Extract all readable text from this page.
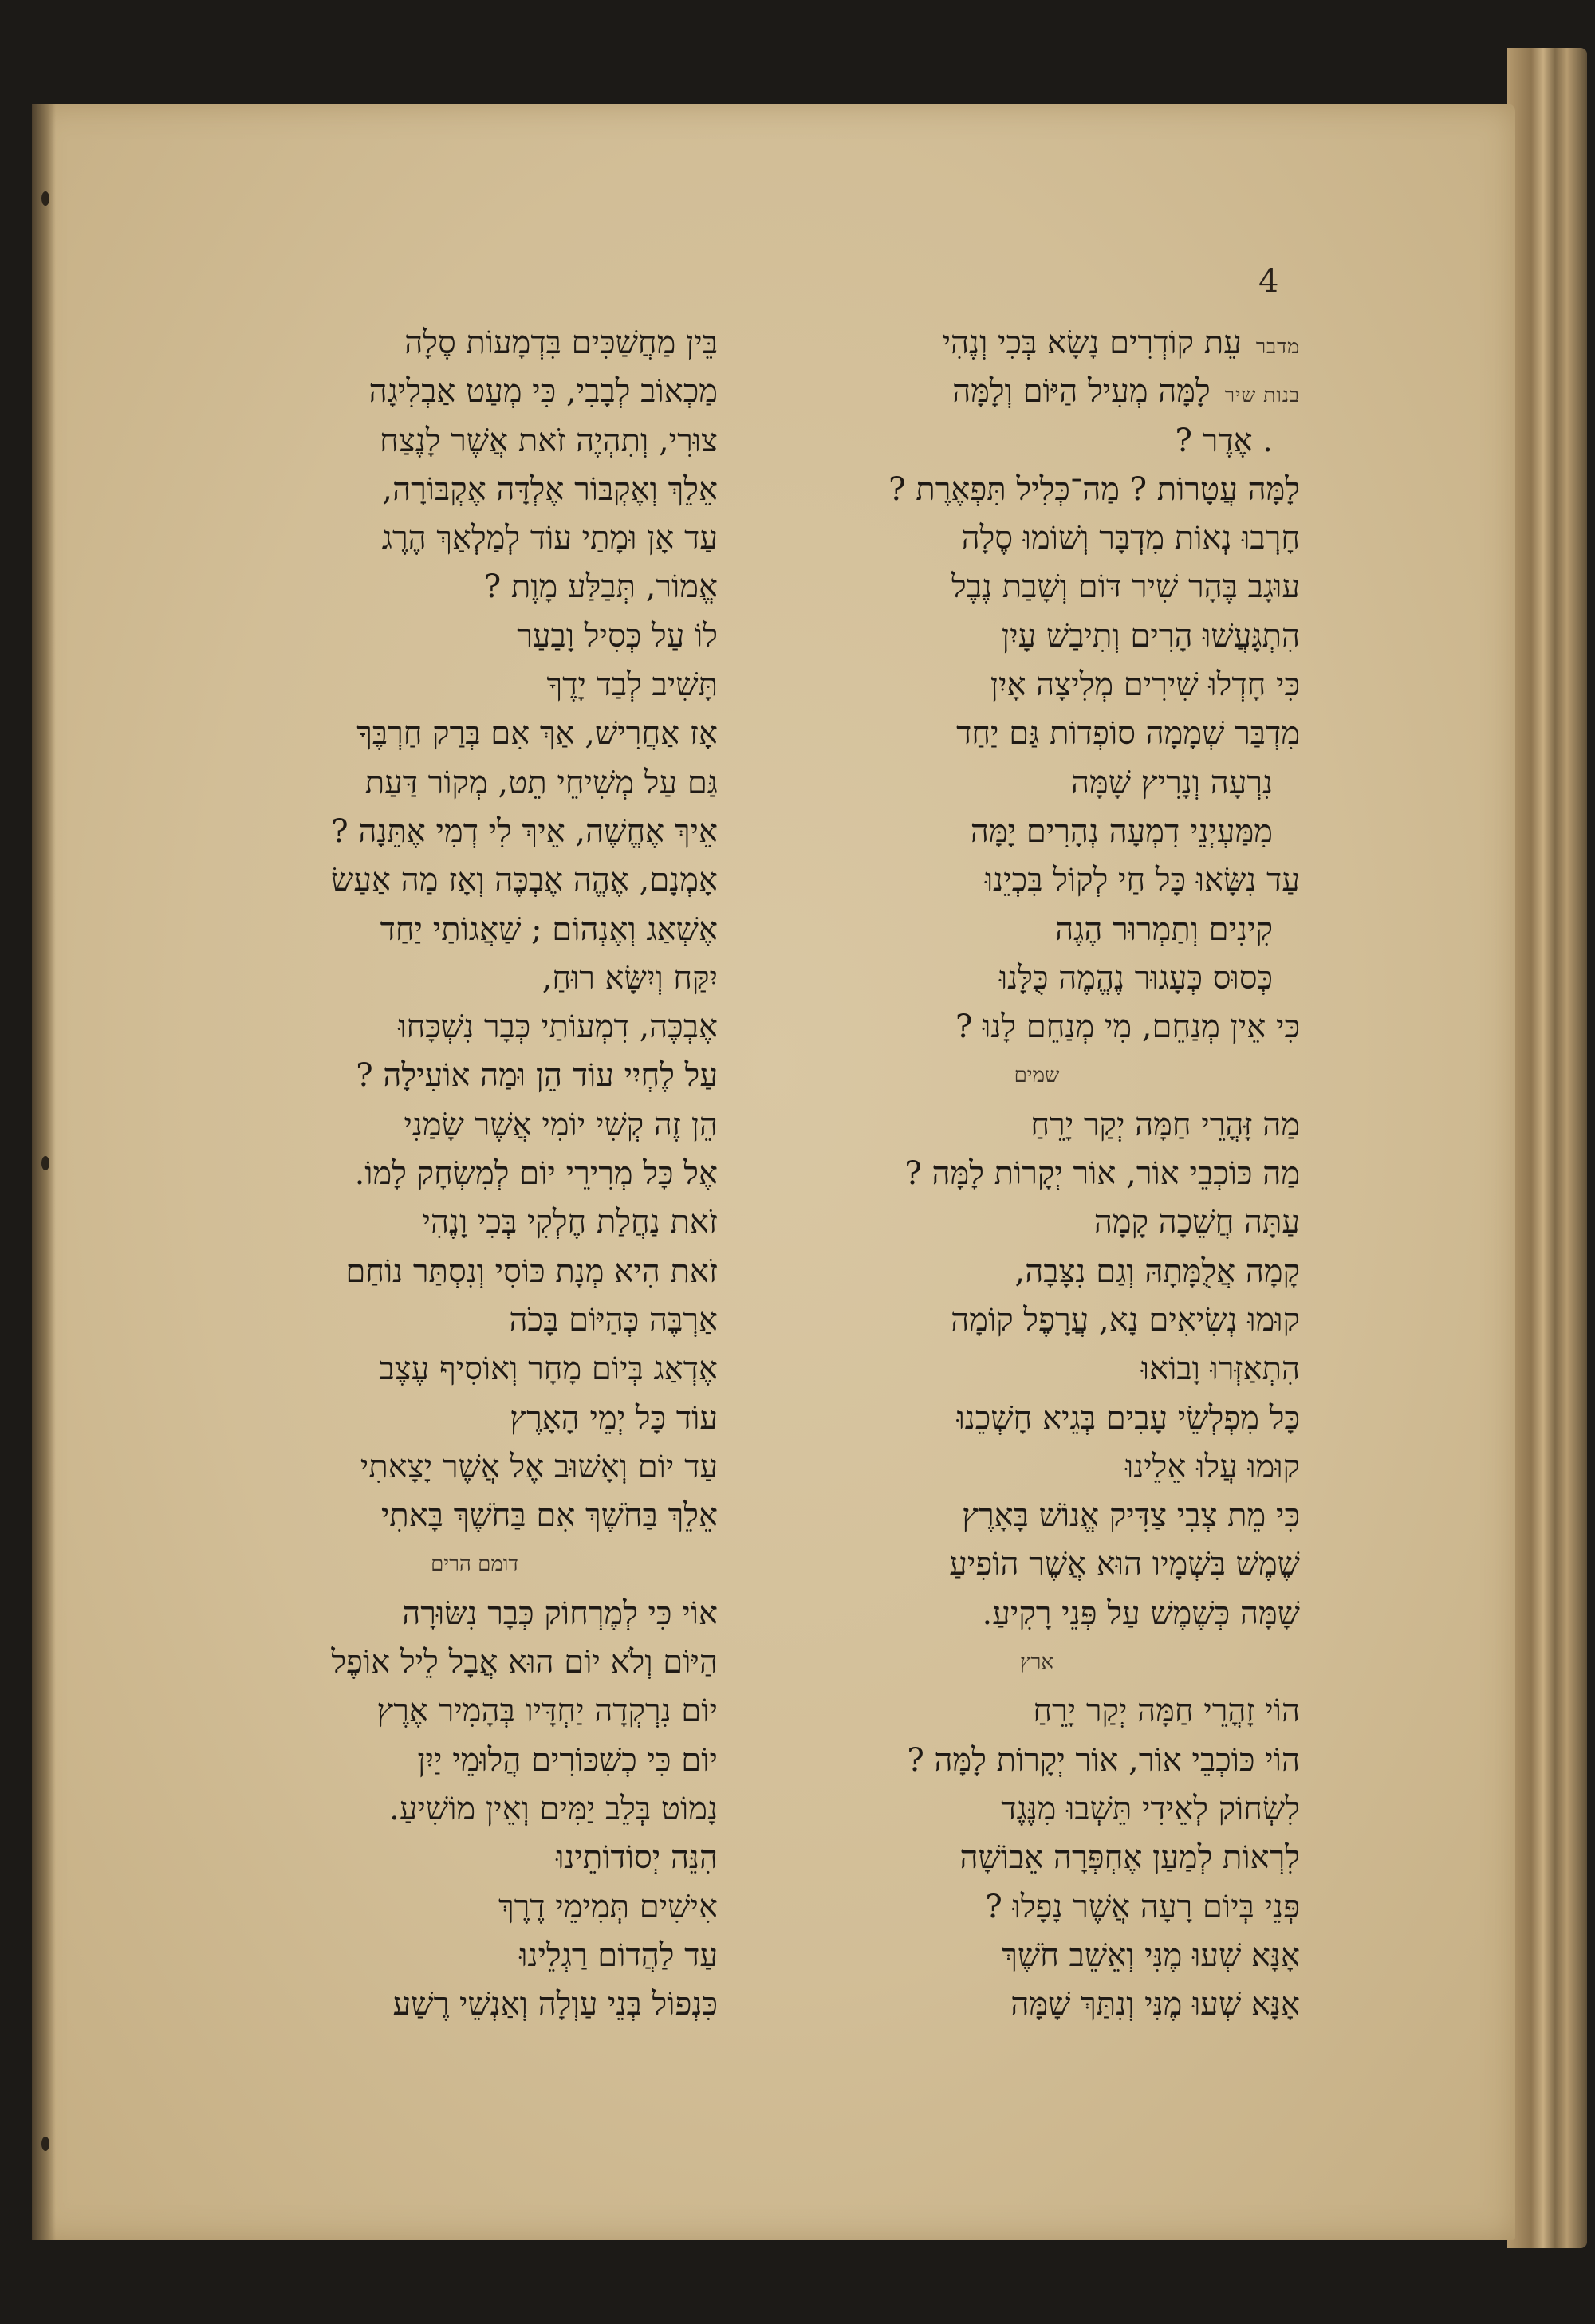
4
מדברעֵת קוֹדְרִים נָשָׂא בְּכִי וְנֶהִי
בנות שירלָמָּה מְעִיל הַיּוֹם וְלָמָּה
. אֶדֶר ?
לָמָּה עֲטָרוֹת ? מַה־כְּלִיל תִּפְאֶרֶת ?
חָרְבוּ נְאוֹת מִדְבָּר וְשׁוֹמוּ סֶלָה
עוּגָב בֶּהָר שִׁיר דּוֹם וְשָׁבַת נֶבֶל
הִתְגָּעֲשׁוּ הָרִים וְתִיבַשׁ עָיִן
כִּי חָדְלוּ שִׁירִים מְלִיצָה אָיִן
מִדְבַּר שְׁמָמָה סוֹפְדוֹת גַּם יַחַד
נִרְעָה וְנָרִיץ שָׁמָּה
מִמַּעְיְנֵי דִמְעָה נְהָרִים יָמָּה
עַד נִשָּׂאוּ כָּל חַי לְקוֹל בִּכְיֵנוּ
קִינִים וְתַמְרוּר הֶגֶה
כְּסוּס כְּעָגוּר נֶהֱמֶה כֻּלָּנוּ
כִּי אֵין מְנַחֵם, מִי מְנַחֵם לָנוּ ?
שמים
מַה זָּהֳרֵי חַמָּה יְקַר יָרֵחַ
מַה כּוֹכְבֵי אוֹר, אוֹר יְקָרוֹת לָמָּה ?
עַתָּה חֲשֵׁכָה קָמָה
קָמָה אֲלֻמָּתָהּ וְגַם נִצָּבָה,
קוּמוּ נְשִׂיאִים נָא, עֲרָפֶל קוֹמָה
הִתְאַזְּרוּ וָבוֹאוּ
כָּל מִפְלְשֵׂי עָבִים בְּגֵיא חָשְׁכֵנוּ
קוּמוּ עֲלוּ אֵלֵינוּ
כִּי מֵת צְבִי צַדִּיק אֱנוֹשׁ בָּאָרֶץ
שֶׁמֶשׁ בִּשְׁמָיו הוּא אֲשֶׁר הוֹפִיעַ
שָׁמָּה כְּשֶׁמֶשׁ עַל פְּנֵי רָקִיעַ.
ארץ
הוֹי זָהֳרֵי חַמָּה יְקַר יָרֵחַ
הוֹי כּוֹכְבֵי אוֹר, אוֹר יְקָרוֹת לָמָּה ?
לִשְׂחוֹק לְאֵידִי תֵּשְׁבוּ מִנֶּגֶד
לִרְאוֹת לְמַעַן אֶחְפְּרָה אֵבוֹשָׁה
פְּנֵי בְּיוֹם רָעָה אֲשֶׁר נָפָלוּ ?
אָנָּא שְׁעוּ מֶנִּי וְאֵשֵׁב חֹשֶׁךְ
אָנָּא שְׁעוּ מֶנִּי וְנִתַּךְ שָׁמָּה
בֵּין מַחֲשַׁכִּים בִּדְמָעוֹת סֶלָה
מַכְאוֹב לְבָבִי, כִּי מְעַט אַבְלִיגָה
צוּרִי, וְתִהְיֶה זֹאת אֲשֶׁר לָנֶצַח
אֵלֵךְ וְאֶקְבּוֹר אֶלְדָּה אֶקְבּוֹרָה,
עַד אָן וּמָתַי עוֹד לְמַלְאַךְ הֶרֶג
אֱמוֹר, תְּבַלַּע מָוֶת ?
לוֹ עַל כְּסִיל וָבַעַר
תָּשִׁיב לְבַד יָדֶךָ
אָז אַחֲרִישׁ, אַךְ אִם בְּרַק חַרְבֶּךָ
גַּם עַל מְשִׁיחֵי תֵט, מְקוֹר דַּעַת
אֵיךְ אֶחֱשֶׁה, אֵיךְ לִי דְמִי אֶתֵּנָה ?
אָמְנָם, אֶהֱה אֶבְכֶּה וְאָז מַה אַעַשׂ
אֶשְׁאַג וְאֶנְהוֹם ; שַׁאֲגוֹתַי יַחַד
יִקַּח וְיִשָּׂא רוּחַ,
אֶבְכֶּה, דִמְעוֹתַי כְּבָר נִשְׁכָּחוּ
עַל לֶחְיִי עוֹד הֵן וּמַה אוֹעִילָה ?
הֵן זֶה קְשִׁי יוֹמִי אֲשֶׁר שָׂמַנִי
אֶל כָּל מְרִירֵי יוֹם לְמִשְׂחָק לָמוֹ.
זֹאת נַחֲלַת חֶלְקִי בְּכִי וָנֶהִי
זֹאת הִיא מְנָת כּוֹסִי וְנִסְתַּר נוֹחַם
אַרְבֶּה כְּהַיּוֹם בָּכֹה
אֶדְאַג בְּיוֹם מָחָר וְאוֹסִיף עֶצֶב
עוֹד כָּל יְמֵי הָאָרֶץ
עַד יוֹם וְאָשׁוּב אֶל אֲשֶׁר יָצָאתִי
אֵלֵךְ בַּחֹשֶׁךְ אִם בַּחֹשֶׁךְ בָּאתִי
דומם הרים
אוֹי כִּי לְמֶרְחוֹק כְּבָר נִשּׂוּרָה
הַיּוֹם וְלֹא יוֹם הוּא אֲבָל לֵיל אוֹפֶל
יוֹם נִרְקְדָה יַחְדָּיו בְּהָמִיר אֶרֶץ
יוֹם כִּי כְשִׁכּוֹרִים הֲלוּמֵי יַיִן
נָמוֹט בְּלֵב יַמִּים וְאֵין מוֹשִׁיעַ.
הִנֵּה יְסוֹדוֹתֵינוּ
אִישִׁים תְּמִימֵי דֶרֶךְ
עַד לַהֲדוֹם רַגְלֵינוּ
כִּנְפוֹל בְּנֵי עַוְלָה וְאַנְשֵׁי רֶשַׁע
